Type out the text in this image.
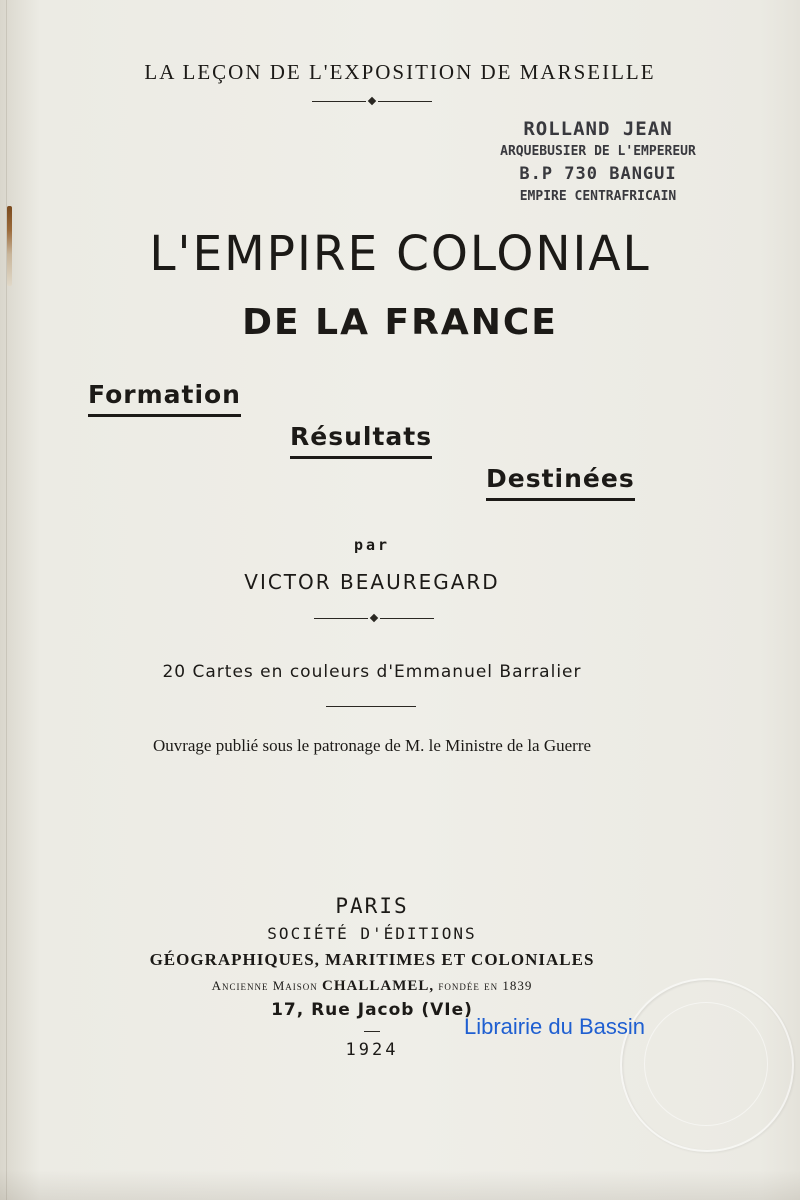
LA LEÇON DE L'EXPOSITION DE MARSEILLE
ROLLAND JEAN
ARQUEBUSIER DE L'EMPEREUR
B.P 730 BANGUI
EMPIRE CENTRAFRICAIN
L'EMPIRE COLONIAL
DE LA FRANCE
Formation
Résultats
Destinées
par
VICTOR BEAUREGARD
20 Cartes en couleurs d'Emmanuel Barralier
Ouvrage publié sous le patronage de M. le Ministre de la Guerre
PARIS
SOCIÉTÉ D'ÉDITIONS
GÉOGRAPHIQUES, MARITIMES ET COLONIALES
Ancienne Maison CHALLAMEL, fondée en 1839
17, Rue Jacob (VIe)
1924
Librairie du Bassin
